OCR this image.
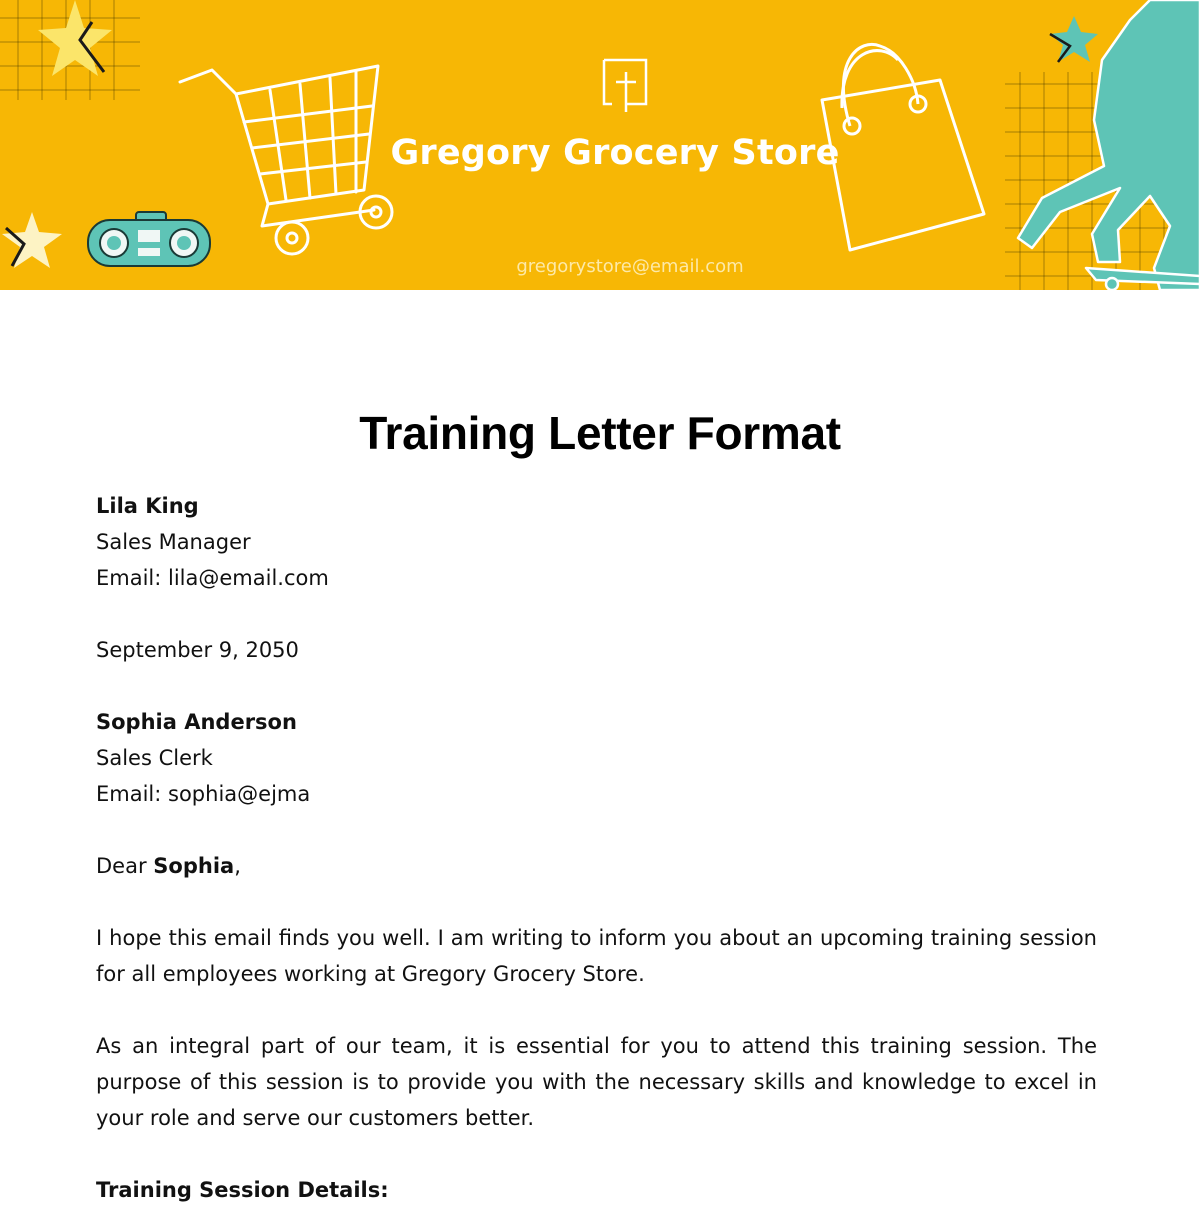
Gregory Grocery Store
gregorystore@email.com
Training Letter Format
Lila King
Sales Manager
Email: lila@email.com
September 9, 2050
Sophia Anderson
Sales Clerk
Email: sophia@ejma
Dear Sophia,

I hope this email finds you well. I am writing to inform you about an upcoming training session for all employees working at Gregory Grocery Store.

As an integral part of our team, it is essential for you to attend this training session. The purpose of this session is to provide you with the necessary skills and knowledge to excel in your role and serve our customers better.

Training Session Details:
